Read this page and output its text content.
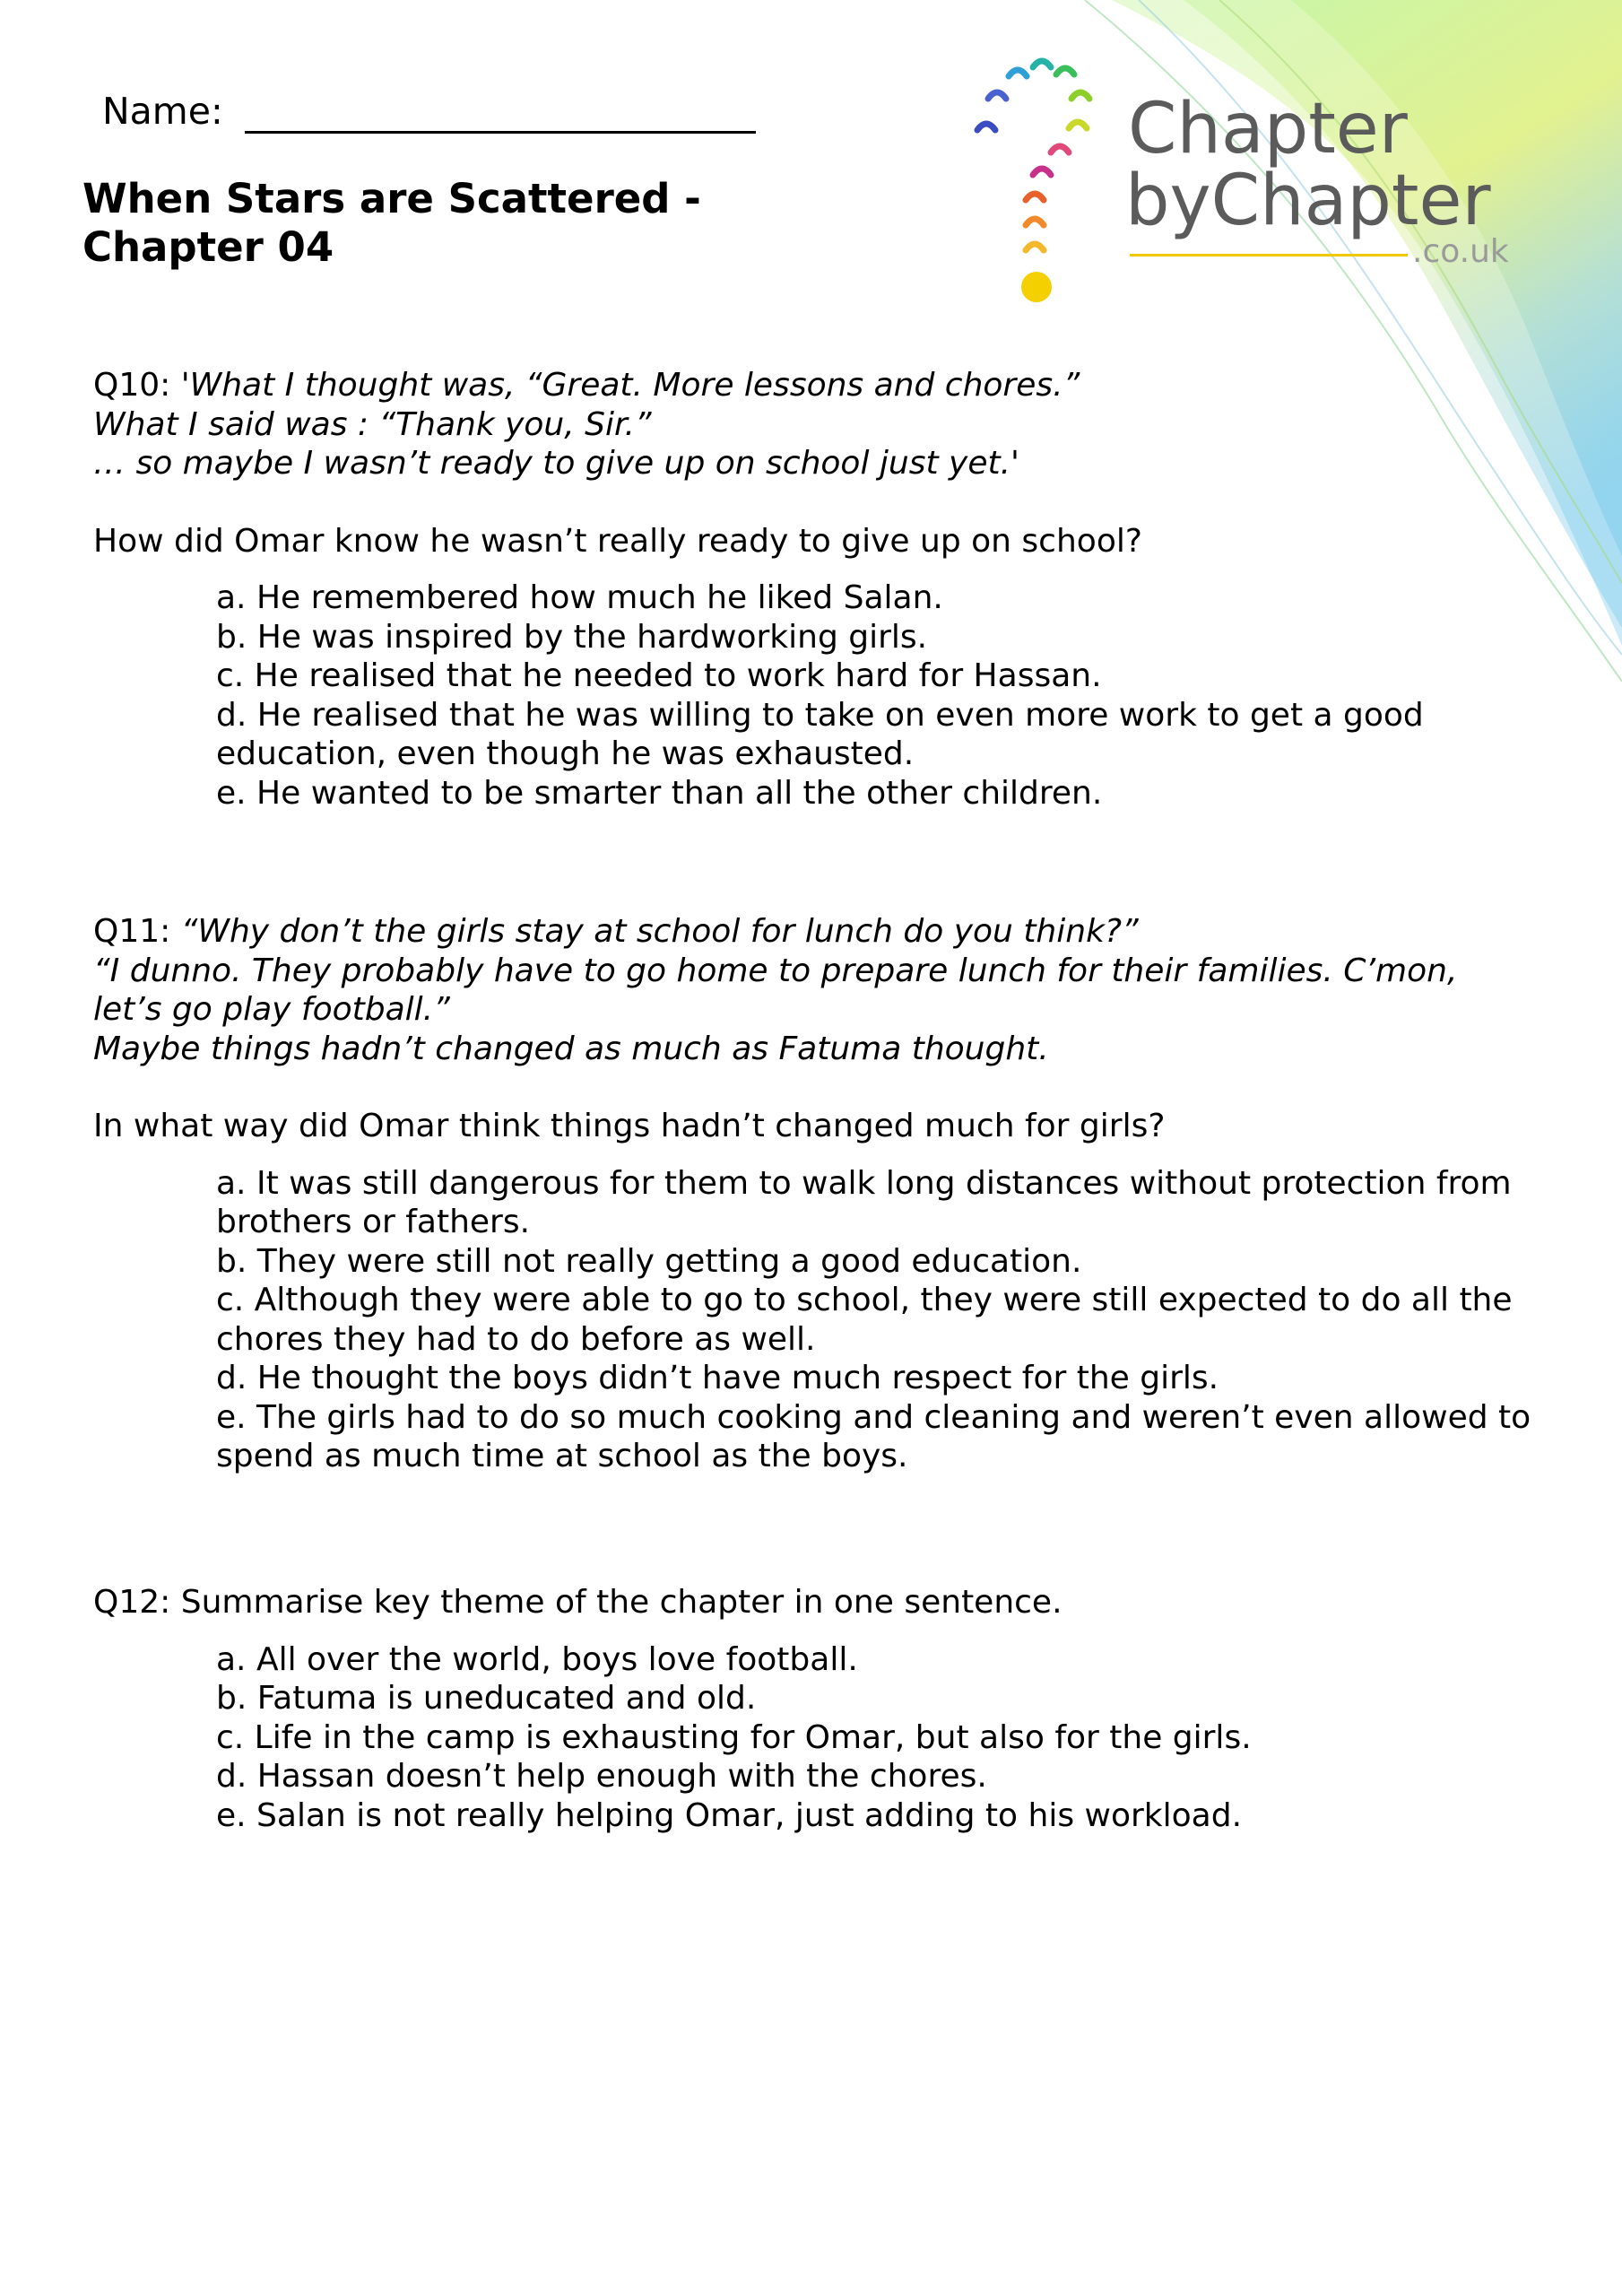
Chapter
byChapter
.co.uk
Name:
When Stars are Scattered -
Chapter 04
Q10: 'What I thought was, “Great. More lessons and chores.”
What I said was : “Thank you, Sir.”
… so maybe I wasn’t ready to give up on school just yet.'
How did Omar know he wasn’t really ready to give up on school?
a. He remembered how much he liked Salan.
b. He was inspired by the hardworking girls.
c. He realised that he needed to work hard for Hassan.
d. He realised that he was willing to take on even more work to get a good education, even though he was exhausted.
e. He wanted to be smarter than all the other children.
Q11: “Why don’t the girls stay at school for lunch do you think?”
“I dunno. They probably have to go home to prepare lunch for their families. C’mon, let’s go play football.”
Maybe things hadn’t changed as much as Fatuma thought.
In what way did Omar think things hadn’t changed much for girls?
a. It was still dangerous for them to walk long distances without protection from brothers or fathers.
b. They were still not really getting a good education.
c. Although they were able to go to school, they were still expected to do all the chores they had to do before as well.
d. He thought the boys didn’t have much respect for the girls.
e. The girls had to do so much cooking and cleaning and weren’t even allowed to spend as much time at school as the boys.
Q12: Summarise key theme of the chapter in one sentence.
a. All over the world, boys love football.
b. Fatuma is uneducated and old.
c. Life in the camp is exhausting for Omar, but also for the girls.
d. Hassan doesn’t help enough with the chores.
e. Salan is not really helping Omar, just adding to his workload.
